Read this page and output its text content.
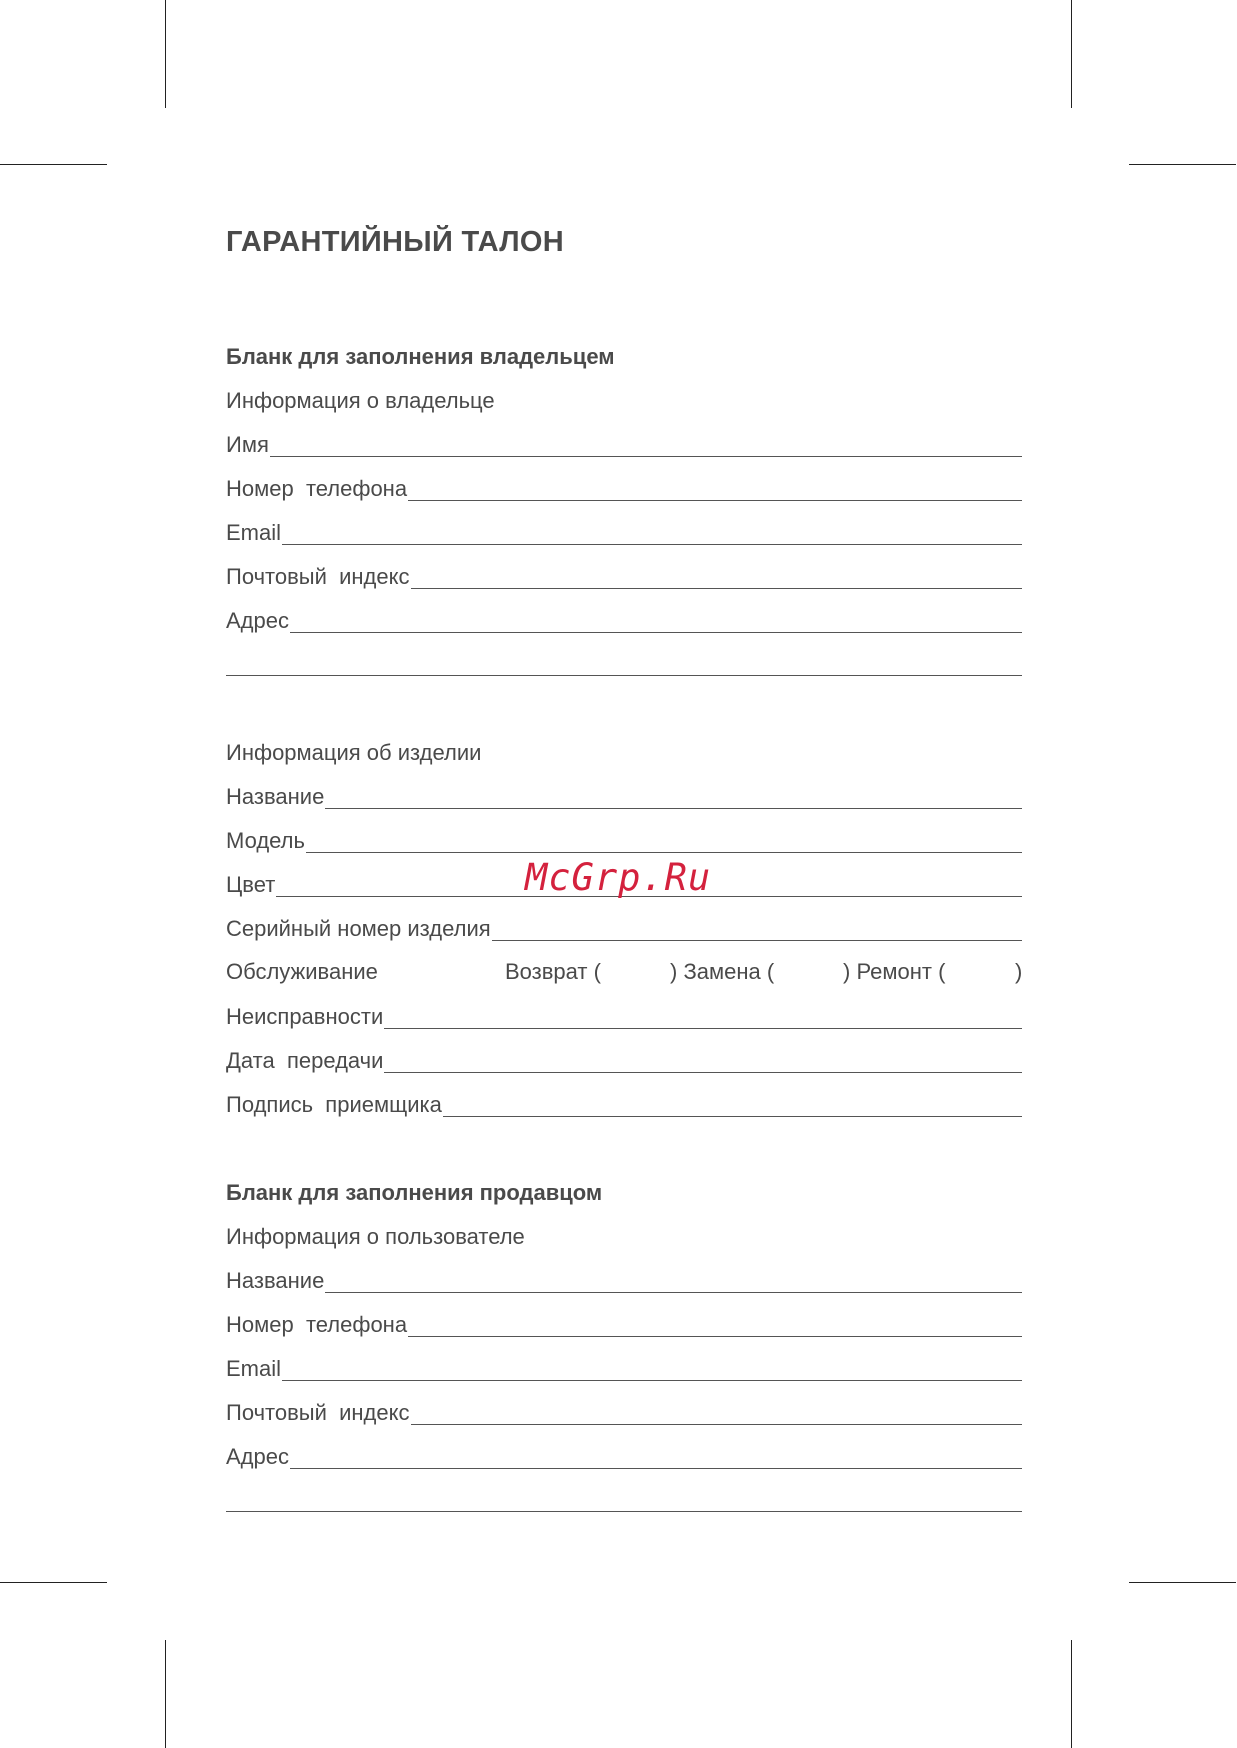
ГАРАНТИЙНЫЙ ТАЛОН
Бланк для заполнения владельцем
Информация о владельце
Имя
Номер  телефона
Email
Почтовый  индекс
Адрес
Информация об изделии
Название
Модель
Цвет
Серийный номер изделия
Обслуживание	Возврат (	) Замена (	) Ремонт (	)
Неисправности
Дата  передачи
Подпись  приемщика
Бланк для заполнения продавцом
Информация о пользователе
Название
Номер  телефона
Email
Почтовый  индекс
Адрес
McGrp.Ru
